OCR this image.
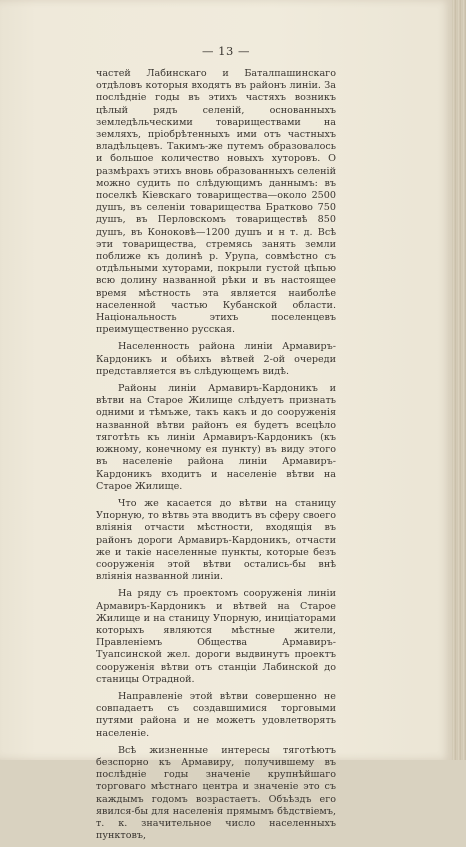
— 13 —

частей Лабинскаго и Баталпашинскаго отдѣловъ которыя входятъ въ районъ линіи. За послѣдніе годы въ этихъ частяхъ возникъ цѣлый рядъ селеній, основанныхъ земледѣльческими товариществами на земляхъ, пріобрѣтенныхъ ими отъ частныхъ владѣльцевъ. Такимъ-же путемъ образовалось и большое количество новыхъ хуторовъ. О размѣрахъ этихъ вновь образованныхъ селеній можно судить по слѣдующимъ даннымъ: въ поселкѣ Кіевскаго товарищества—около 2500 душъ, въ селеніи товарищества Братково 750 душъ, въ Перловскомъ товариществѣ 850 душъ, въ Коноковѣ—1200 душъ и н т. д. Всѣ эти товарищества, стремясь занять земли поближе къ долинѣ р. Урупа, совмѣстно съ отдѣльными хуторами, покрыли густой цѣпью всю долину названной рѣки и въ настоящее время мѣстность эта является наиболѣе населенной частью Кубанской области. Національность этихъ поселенцевъ преимущественно русская.

Населенность района линіи Армавиръ-Кардоникъ и обѣихъ вѣтвей 2-ой очереди представляется въ слѣдующемъ видѣ.

Районы линіи Армавиръ-Кардоникъ и вѣтви на Старое Жилище слѣдуетъ признать одними и тѣмъже, такъ какъ и до сооруженія названной вѣтви районъ ея будетъ всецѣло тяготѣть къ линіи Армавиръ-Кардоникъ (къ южному, конечному ея пункту) въ виду этого въ населеніе района линіи Армавиръ-Кардоникъ входитъ и населеніе вѣтви на Старое Жилище.

Что же касается до вѣтви на станицу Упорную, то вѣтвь эта вводитъ въ сферу своего вліянія отчасти мѣстности, входящія въ районъ дороги Армавиръ-Кардоникъ, отчасти же и такіе населенные пункты, которые безъ сооруженія этой вѣтви остались-бы внѣ вліянія названной линіи.

На ряду съ проектомъ сооруженія линіи Армавиръ-Кардоникъ и вѣтвей на Старое Жилище и на станицу Упорную, иниціаторами которыхъ являются мѣстные жители, Правленіемъ Общества Армавиръ-Туапсинской жел. дороги выдвинутъ проектъ сооруженія вѣтви отъ станціи Лабинской до станицы Отрадной.

Направленіе этой вѣтви совершенно не совпадаетъ съ создавшимися торговыми путями района и не можетъ удовлетворять населеніе.

Всѣ жизненные интересы тяготѣютъ безспорно къ Армавиру, получившему въ послѣдніе годы значеніе крупнѣйшаго торговаго мѣстнаго центра и значеніе это съ каждымъ годомъ возрастаетъ. Объѣздъ его явился-бы для населенія прямымъ бѣдствіемъ, т. к. значительное число населенныхъ пунктовъ,
